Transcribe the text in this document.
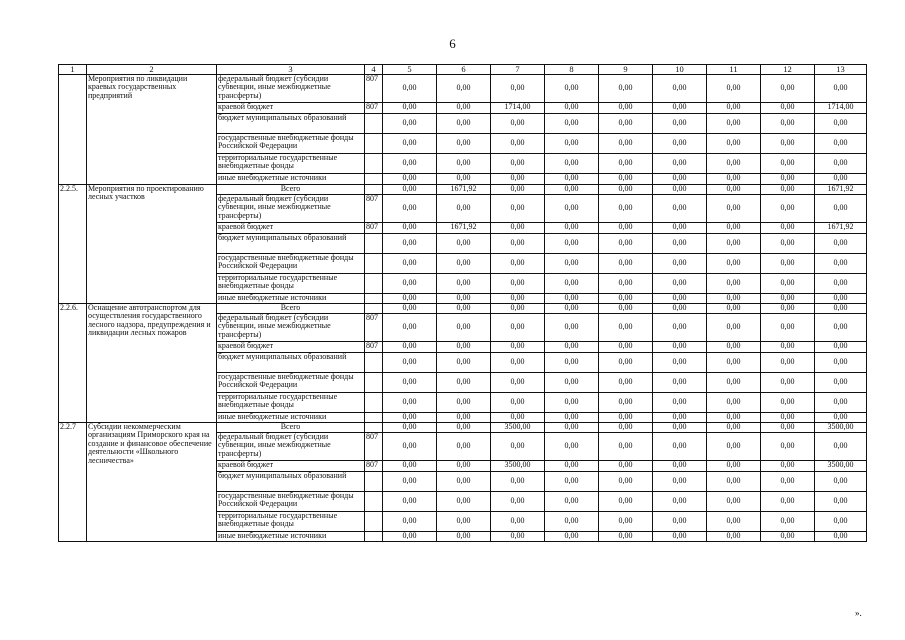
6
1	2	3	4	5	6	7	8	9	10	11	12	13
	Мероприятия по ликвидации краевых государственных предприятий	федеральный бюджет (субсидии субвенции, иные межбюджетные трансферты)	807	0,00	0,00	0,00	0,00	0,00	0,00	0,00	0,00	0,00
		краевой бюджет	807	0,00	0,00	1714,00	0,00	0,00	0,00	0,00	0,00	1714,00
		бюджет муниципальных образований		0,00	0,00	0,00	0,00	0,00	0,00	0,00	0,00	0,00
		государственные внебюджетные фонды Российской Федерации		0,00	0,00	0,00	0,00	0,00	0,00	0,00	0,00	0,00
		территориальные государственные внебюджетные фонды		0,00	0,00	0,00	0,00	0,00	0,00	0,00	0,00	0,00
		иные внебюджетные источники		0,00	0,00	0,00	0,00	0,00	0,00	0,00	0,00	0,00
2.2.5.	Мероприятия по проектированию лесных участков	Всего		0,00	1671,92	0,00	0,00	0,00	0,00	0,00	0,00	1671,92
		федеральный бюджет (субсидии субвенции, иные межбюджетные трансферты)	807	0,00	0,00	0,00	0,00	0,00	0,00	0,00	0,00	0,00
		краевой бюджет	807	0,00	1671,92	0,00	0,00	0,00	0,00	0,00	0,00	1671,92
		бюджет муниципальных образований		0,00	0,00	0,00	0,00	0,00	0,00	0,00	0,00	0,00
		государственные внебюджетные фонды Российской Федерации		0,00	0,00	0,00	0,00	0,00	0,00	0,00	0,00	0,00
		территориальные государственные внебюджетные фонды		0,00	0,00	0,00	0,00	0,00	0,00	0,00	0,00	0,00
		иные внебюджетные источники		0,00	0,00	0,00	0,00	0,00	0,00	0,00	0,00	0,00
2.2.6.	Оснащение автотранспортом для осуществления государственного лесного надзора, предупреждения и ликвидации лесных пожаров	Всего		0,00	0,00	0,00	0,00	0,00	0,00	0,00	0,00	0,00
		федеральный бюджет (субсидии субвенции, иные межбюджетные трансферты)	807	0,00	0,00	0,00	0,00	0,00	0,00	0,00	0,00	0,00
		краевой бюджет	807	0,00	0,00	0,00	0,00	0,00	0,00	0,00	0,00	0,00
		бюджет муниципальных образований		0,00	0,00	0,00	0,00	0,00	0,00	0,00	0,00	0,00
		государственные внебюджетные фонды Российской Федерации		0,00	0,00	0,00	0,00	0,00	0,00	0,00	0,00	0,00
		территориальные государственные внебюджетные фонды		0,00	0,00	0,00	0,00	0,00	0,00	0,00	0,00	0,00
		иные внебюджетные источники		0,00	0,00	0,00	0,00	0,00	0,00	0,00	0,00	0,00
2.2.7	Субсидии некоммерческим организациям Приморского края на создание и финансовое обеспечение деятельности «Школьного лесничества»	Всего		0,00	0,00	3500,00	0,00	0,00	0,00	0,00	0,00	3500,00
		федеральный бюджет (субсидии субвенции, иные межбюджетные трансферты)	807	0,00	0,00	0,00	0,00	0,00	0,00	0,00	0,00	0,00
		краевой бюджет	807	0,00	0,00	3500,00	0,00	0,00	0,00	0,00	0,00	3500,00
		бюджет муниципальных образований		0,00	0,00	0,00	0,00	0,00	0,00	0,00	0,00	0,00
		государственные внебюджетные фонды Российской Федерации		0,00	0,00	0,00	0,00	0,00	0,00	0,00	0,00	0,00
		территориальные государственные внебюджетные фонды		0,00	0,00	0,00	0,00	0,00	0,00	0,00	0,00	0,00
		иные внебюджетные источники		0,00	0,00	0,00	0,00	0,00	0,00	0,00	0,00	0,00
».
